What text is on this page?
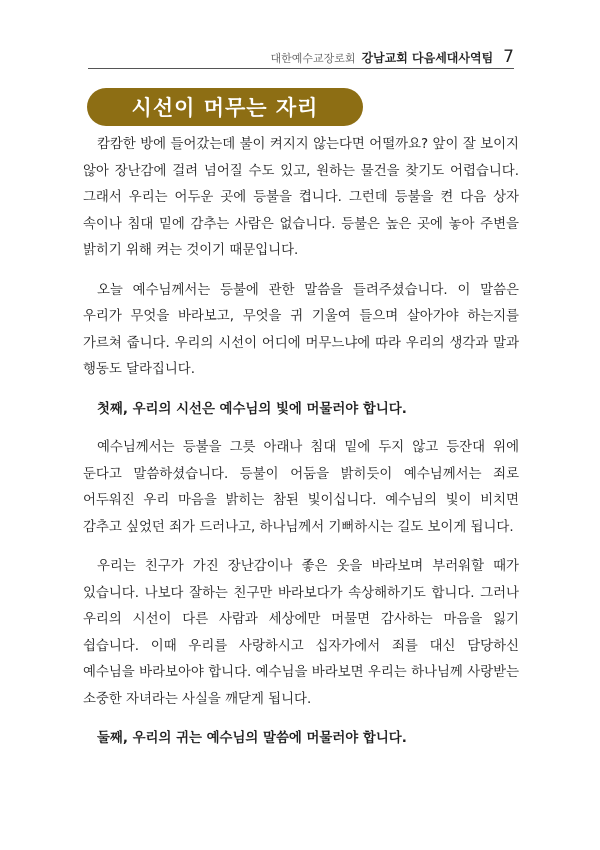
대한예수교장로회 강남교회 다음세대사역팀 7
시선이 머무는 자리

캄캄한 방에 들어갔는데 불이 켜지지 않는다면 어떨까요? 앞이 잘 보이지 않아 장난감에 걸려 넘어질 수도 있고, 원하는 물건을 찾기도 어렵습니다. 그래서 우리는 어두운 곳에 등불을 켭니다. 그런데 등불을 켠 다음 상자 속이나 침대 밑에 감추는 사람은 없습니다. 등불은 높은 곳에 놓아 주변을 밝히기 위해 켜는 것이기 때문입니다.

오늘 예수님께서는 등불에 관한 말씀을 들려주셨습니다. 이 말씀은 우리가 무엇을 바라보고, 무엇을 귀 기울여 들으며 살아가야 하는지를 가르쳐 줍니다. 우리의 시선이 어디에 머무느냐에 따라 우리의 생각과 말과 행동도 달라집니다.

첫째, 우리의 시선은 예수님의 빛에 머물러야 합니다.

예수님께서는 등불을 그릇 아래나 침대 밑에 두지 않고 등잔대 위에 둔다고 말씀하셨습니다. 등불이 어둠을 밝히듯이 예수님께서는 죄로 어두워진 우리 마음을 밝히는 참된 빛이십니다. 예수님의 빛이 비치면 감추고 싶었던 죄가 드러나고, 하나님께서 기뻐하시는 길도 보이게 됩니다.

우리는 친구가 가진 장난감이나 좋은 옷을 바라보며 부러워할 때가 있습니다. 나보다 잘하는 친구만 바라보다가 속상해하기도 합니다. 그러나 우리의 시선이 다른 사람과 세상에만 머물면 감사하는 마음을 잃기 쉽습니다. 이때 우리를 사랑하시고 십자가에서 죄를 대신 담당하신 예수님을 바라보아야 합니다. 예수님을 바라보면 우리는 하나님께 사랑받는 소중한 자녀라는 사실을 깨닫게 됩니다.

둘째, 우리의 귀는 예수님의 말씀에 머물러야 합니다.
